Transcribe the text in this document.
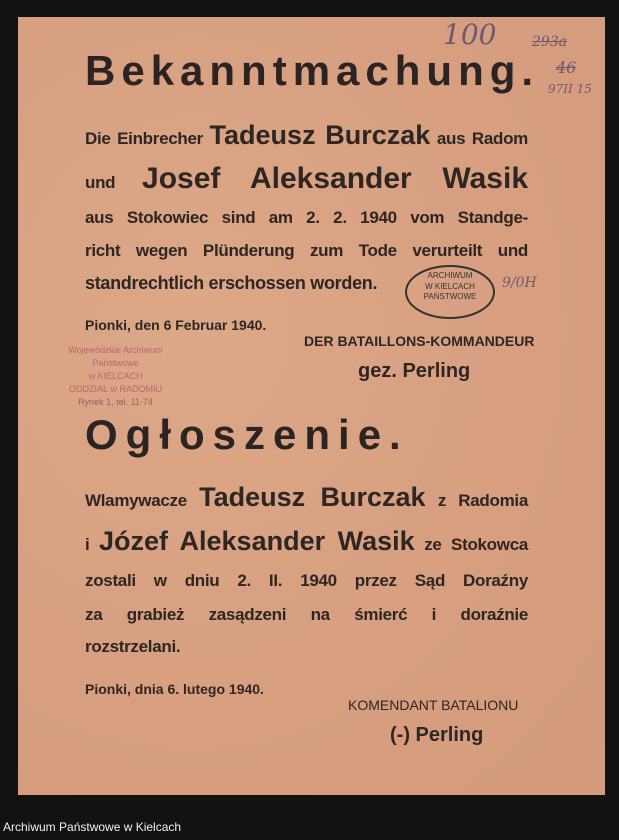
Bekanntmachung.
Die Einbrecher Tadeusz Burczak aus Radom
und Josef Aleksander Wasik
aus Stokowiec sind am 2. 2. 1940 vom Standge-
richt wegen Plünderung zum Tode verurteilt und
standrechtlich erschossen worden.
Pionki, den 6 Februar 1940.
DER BATAILLONS-KOMMANDEUR
gez. Perling
Ogłoszenie.
Wlamywacze Tadeusz Burczak z Radomia
i Józef Aleksander Wasik ze Stokowca
zostali w dniu 2. II. 1940 przez Sąd Doraźny
za grabież zasądzeni na śmierć i doraźnie
rozstrzelani.
Pionki, dnia 6. lutego 1940.
KOMENDANT BATALIONU
(-) Perling
100	293a
46
97II 15
9/0H
ARCHIWUM
W KIELCACH
PAŃSTWOWE
Wojewódzkie Archiwum Państwowe
w KIELCACH
ODDZIAŁ w RADOMIU
Rynek 1, tel. 11-74
Archiwum Państwowe w Kielcach
